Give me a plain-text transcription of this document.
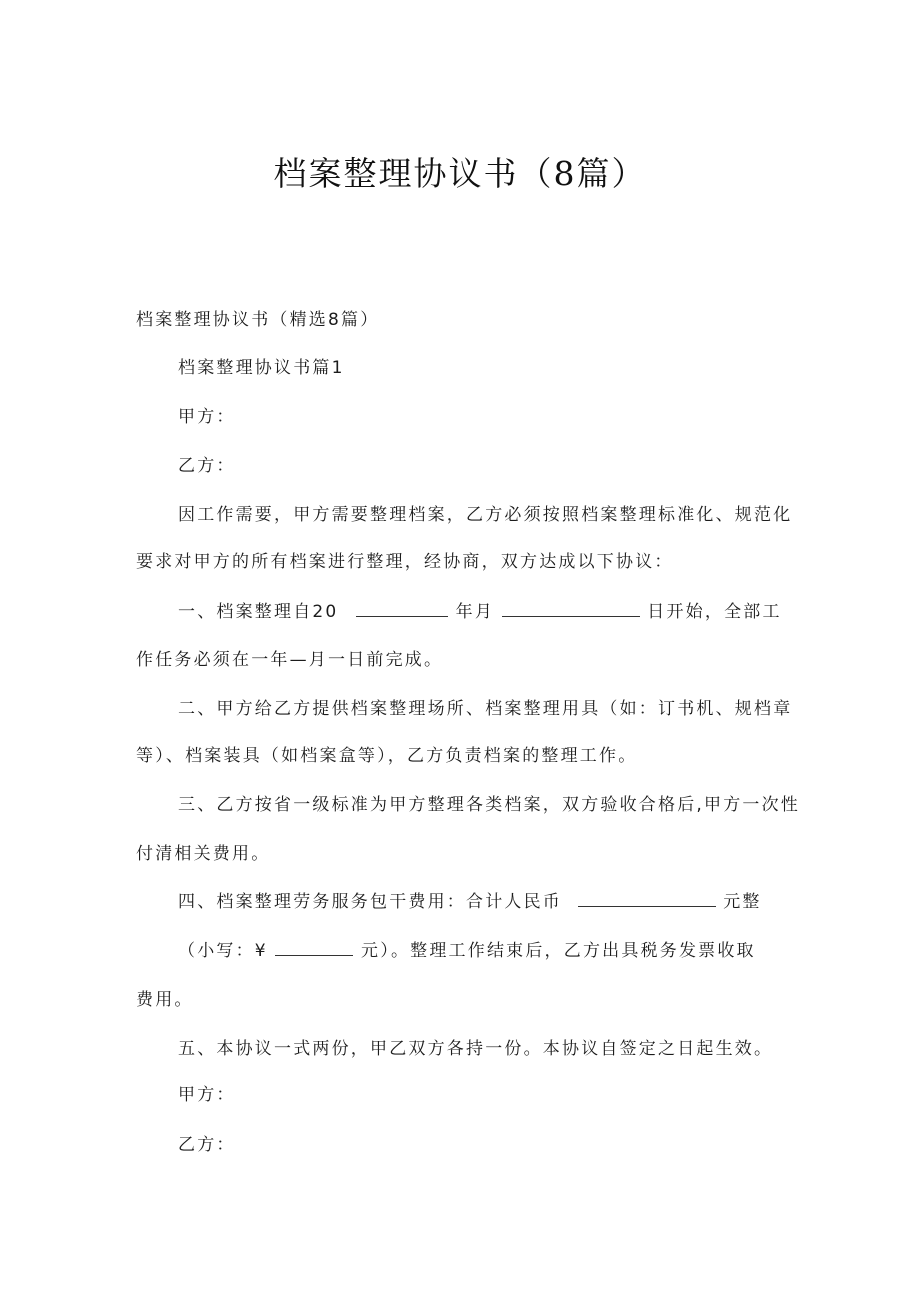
档案整理协议书（8篇）
档案整理协议书（精选8篇）
档案整理协议书篇1
甲方：
乙方：
因工作需要，甲方需要整理档案，乙方必须按照档案整理标准化、规范化
要求对甲方的所有档案进行整理，经协商，双方达成以下协议：
一、档案整理自20	年月	日开始，全部工
作任务必须在一年—月一日前完成。
二、甲方给乙方提供档案整理场所、档案整理用具（如：订书机、规档章
等）、档案装具（如档案盒等），乙方负责档案的整理工作。
三、乙方按省一级标准为甲方整理各类档案，双方验收合格后,甲方一次性
付清相关费用。
四、档案整理劳务服务包干费用：合计人民币	元整
（小写：¥	元）。整理工作结束后，乙方出具税务发票收取
费用。
五、本协议一式两份，甲乙双方各持一份。本协议自签定之日起生效。
甲方：
乙方：
